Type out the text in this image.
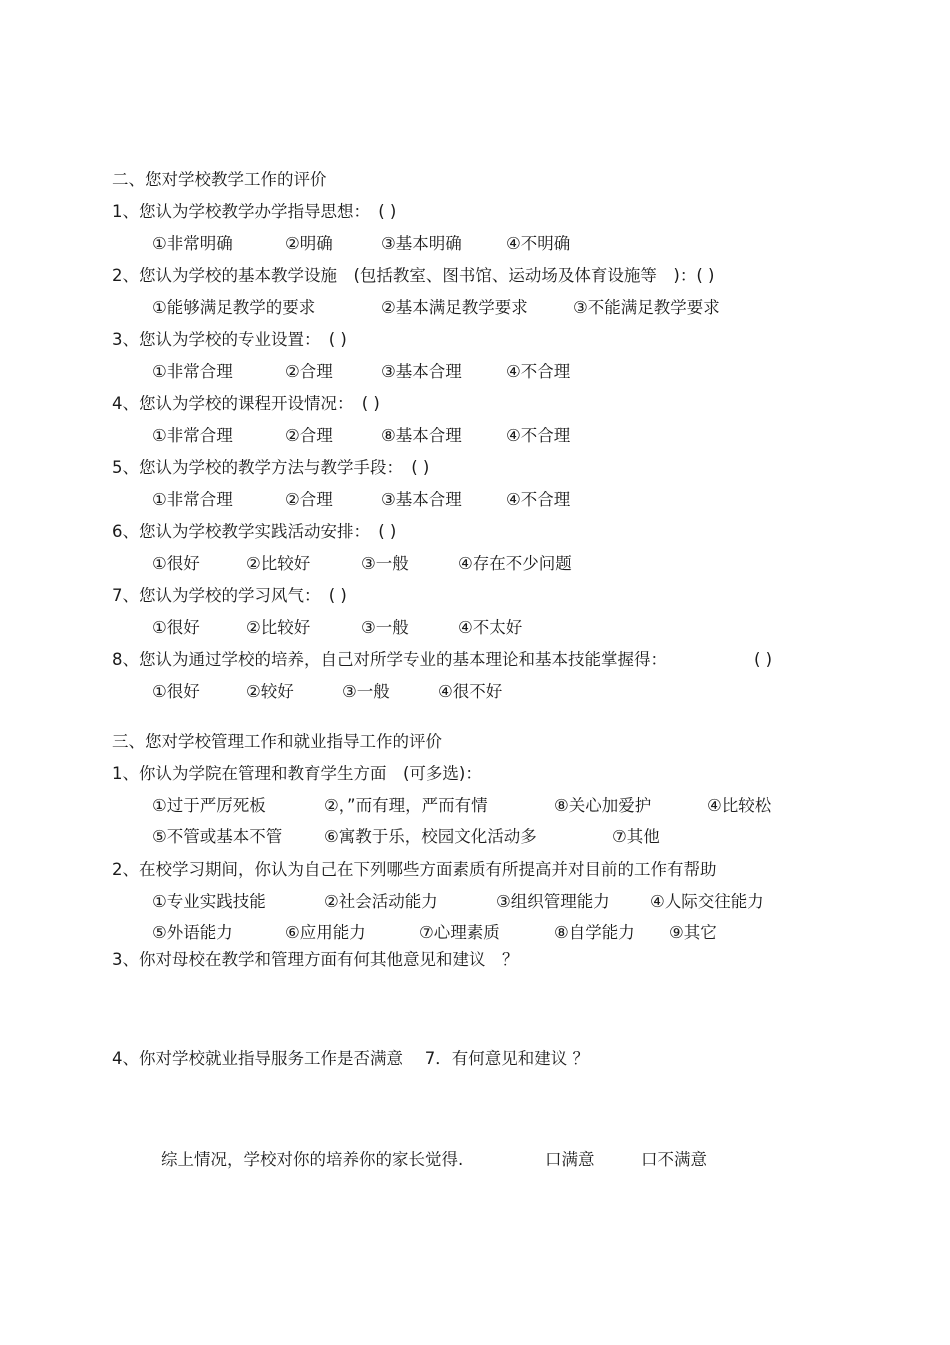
二、您对学校教学工作的评价
1、您认为学校教学办学指导思想：　( )
①非常明确	②明确	③基本明确	④不明确
2、您认为学校的基本教学设施　(包括教室、图书馆、运动场及体育设施等　)：( )
①能够满足教学的要求	②基本满足教学要求	③不能满足教学要求
3、您认为学校的专业设置：　( )
①非常合理	②合理	③基本合理	④不合理
4、您认为学校的课程开设情况：　( )
①非常合理	②合理	⑧基本合理	④不合理
5、您认为学校的教学方法与教学手段：　( )
①非常合理	②合理	③基本合理	④不合理
6、您认为学校教学实践活动安排：　( )
①很好	②比较好	③一般	④存在不少问题
7、您认为学校的学习风气：　( )
①很好	②比较好	③一般	④不太好
8、您认为通过学校的培养，自己对所学专业的基本理论和基本技能掌握得：	( )
①很好	②较好	③一般	④很不好
三、您对学校管理工作和就业指导工作的评价
1、你认为学院在管理和教育学生方面　(可多选)：
①过于严厉死板	②，”而有理，严而有情	⑧关心加爱护	④比较松
⑤不管或基本不管	⑥寓教于乐，校园文化活动多	⑦其他
2、在校学习期间，你认为自己在下列哪些方面素质有所提高并对目前的工作有帮助
①专业实践技能	②社会活动能力	③组织管理能力 ④人际交往能力
⑤外语能力	⑥应用能力	⑦心理素质	⑧自学能力 ⑨其它
3、你对母校在教学和管理方面有何其他意见和建议　？
4、你对学校就业指导服务工作是否满意　 7．有何意见和建议 ？
综上情况，学校对你的培养你的家长觉得.	口满意	口不满意
